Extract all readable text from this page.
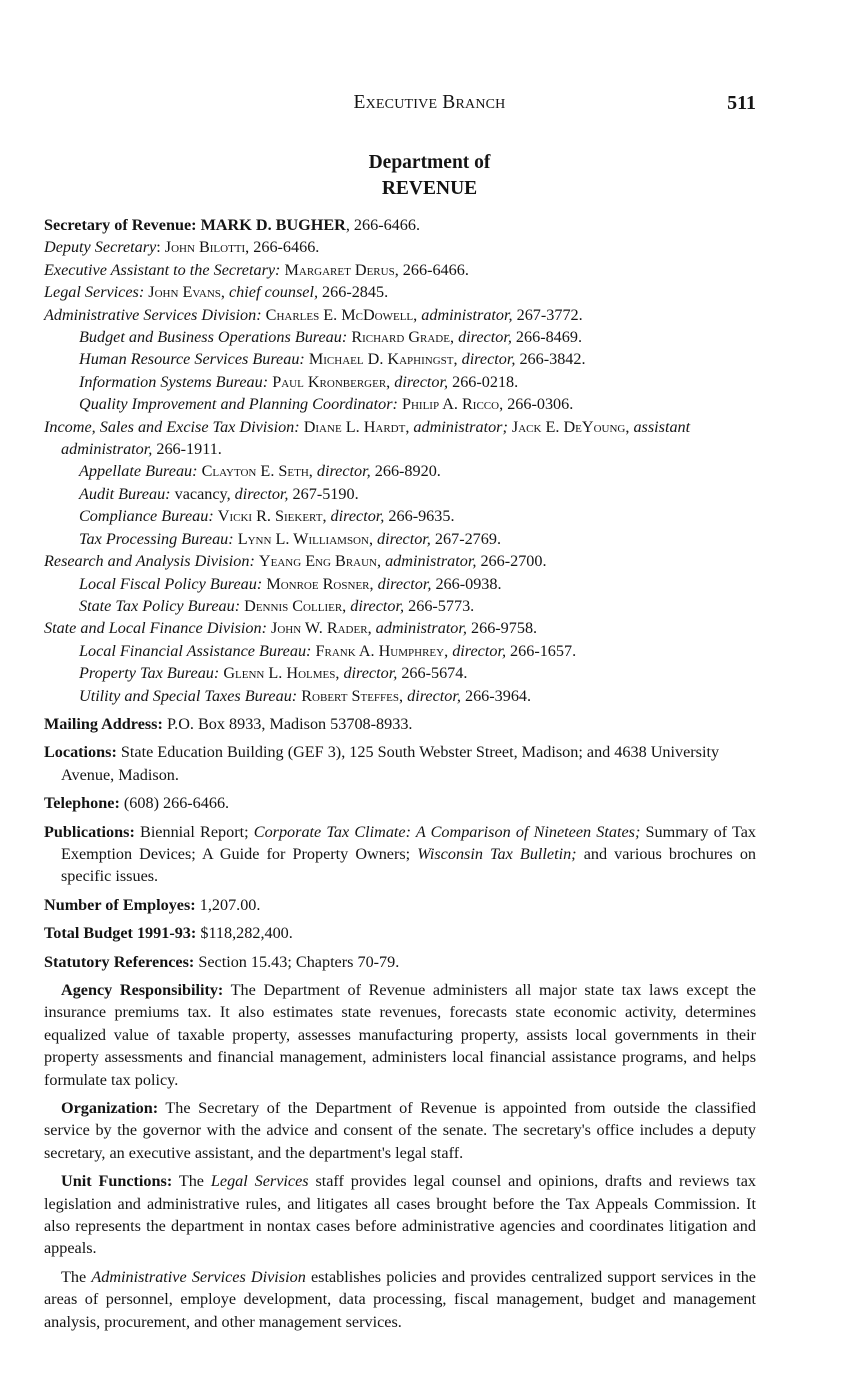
Executive Branch	511
Department of
REVENUE
Secretary of Revenue: MARK D. BUGHER, 266-6466.
Deputy Secretary: John Bilotti, 266-6466.
Executive Assistant to the Secretary: Margaret Derus, 266-6466.
Legal Services: John Evans, chief counsel, 266-2845.
Administrative Services Division: Charles E. McDowell, administrator, 267-3772.
Budget and Business Operations Bureau: Richard Grade, director, 266-8469.
Human Resource Services Bureau: Michael D. Kaphingst, director, 266-3842.
Information Systems Bureau: Paul Kronberger, director, 266-0218.
Quality Improvement and Planning Coordinator: Philip A. Ricco, 266-0306.
Income, Sales and Excise Tax Division: Diane L. Hardt, administrator; Jack E. DeYoung, assistant administrator, 266-1911.
Appellate Bureau: Clayton E. Seth, director, 266-8920.
Audit Bureau: vacancy, director, 267-5190.
Compliance Bureau: Vicki R. Siekert, director, 266-9635.
Tax Processing Bureau: Lynn L. Williamson, director, 267-2769.
Research and Analysis Division: Yeang Eng Braun, administrator, 266-2700.
Local Fiscal Policy Bureau: Monroe Rosner, director, 266-0938.
State Tax Policy Bureau: Dennis Collier, director, 266-5773.
State and Local Finance Division: John W. Rader, administrator, 266-9758.
Local Financial Assistance Bureau: Frank A. Humphrey, director, 266-1657.
Property Tax Bureau: Glenn L. Holmes, director, 266-5674.
Utility and Special Taxes Bureau: Robert Steffes, director, 266-3964.
Mailing Address: P.O. Box 8933, Madison 53708-8933.
Locations: State Education Building (GEF 3), 125 South Webster Street, Madison; and 4638 University Avenue, Madison.
Telephone: (608) 266-6466.
Publications: Biennial Report; Corporate Tax Climate: A Comparison of Nineteen States; Summary of Tax Exemption Devices; A Guide for Property Owners; Wisconsin Tax Bulletin; and various brochures on specific issues.
Number of Employes: 1,207.00.
Total Budget 1991-93: $118,282,400.
Statutory References: Section 15.43; Chapters 70-79.
Agency Responsibility: The Department of Revenue administers all major state tax laws except the insurance premiums tax. It also estimates state revenues, forecasts state economic activity, determines equalized value of taxable property, assesses manufacturing property, assists local governments in their property assessments and financial management, administers local financial assistance programs, and helps formulate tax policy.
Organization: The Secretary of the Department of Revenue is appointed from outside the classified service by the governor with the advice and consent of the senate. The secretary's office includes a deputy secretary, an executive assistant, and the department's legal staff.
Unit Functions: The Legal Services staff provides legal counsel and opinions, drafts and reviews tax legislation and administrative rules, and litigates all cases brought before the Tax Appeals Commission. It also represents the department in nontax cases before administrative agencies and coordinates litigation and appeals.
The Administrative Services Division establishes policies and provides centralized support services in the areas of personnel, employe development, data processing, fiscal management, budget and management analysis, procurement, and other management services.
